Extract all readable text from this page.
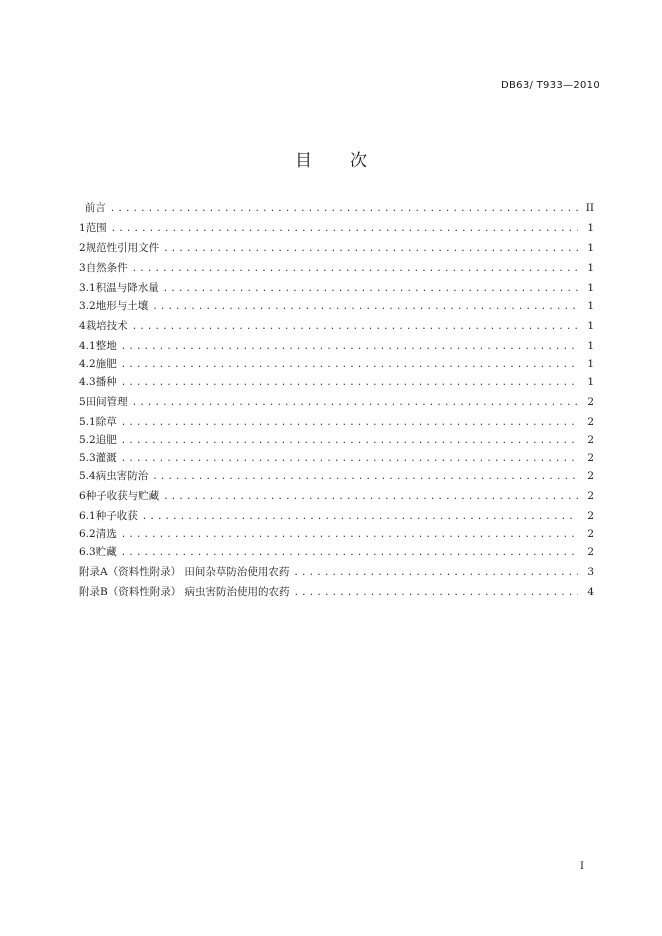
DB63/ T933—2010
目 次
前言 .....	II
1 范围 .....	1
2 规范性引用文件 .....	1
3 自然条件 .....	1
3.1 积温与降水量 .....	1
3.2 地形与土壤 .....	1
4 栽培技术 .....	1
4.1 整地 .....	1
4.2 施肥 .....	1
4.3 播种 .....	1
5 田间管理 .....	2
5.1 除草 .....	2
5.2 追肥 .....	2
5.3 灌溉 .....	2
5.4 病虫害防治 .....	2
6 种子收获与贮藏 .....	2
6.1 种子收获 .....	2
6.2 清选 .....	2
6.3 贮藏 .....	2
附录A（资料性附录） 田间杂草防治使用农药 .....	3
附录B（资料性附录） 病虫害防治使用的农药 .....	4
I
